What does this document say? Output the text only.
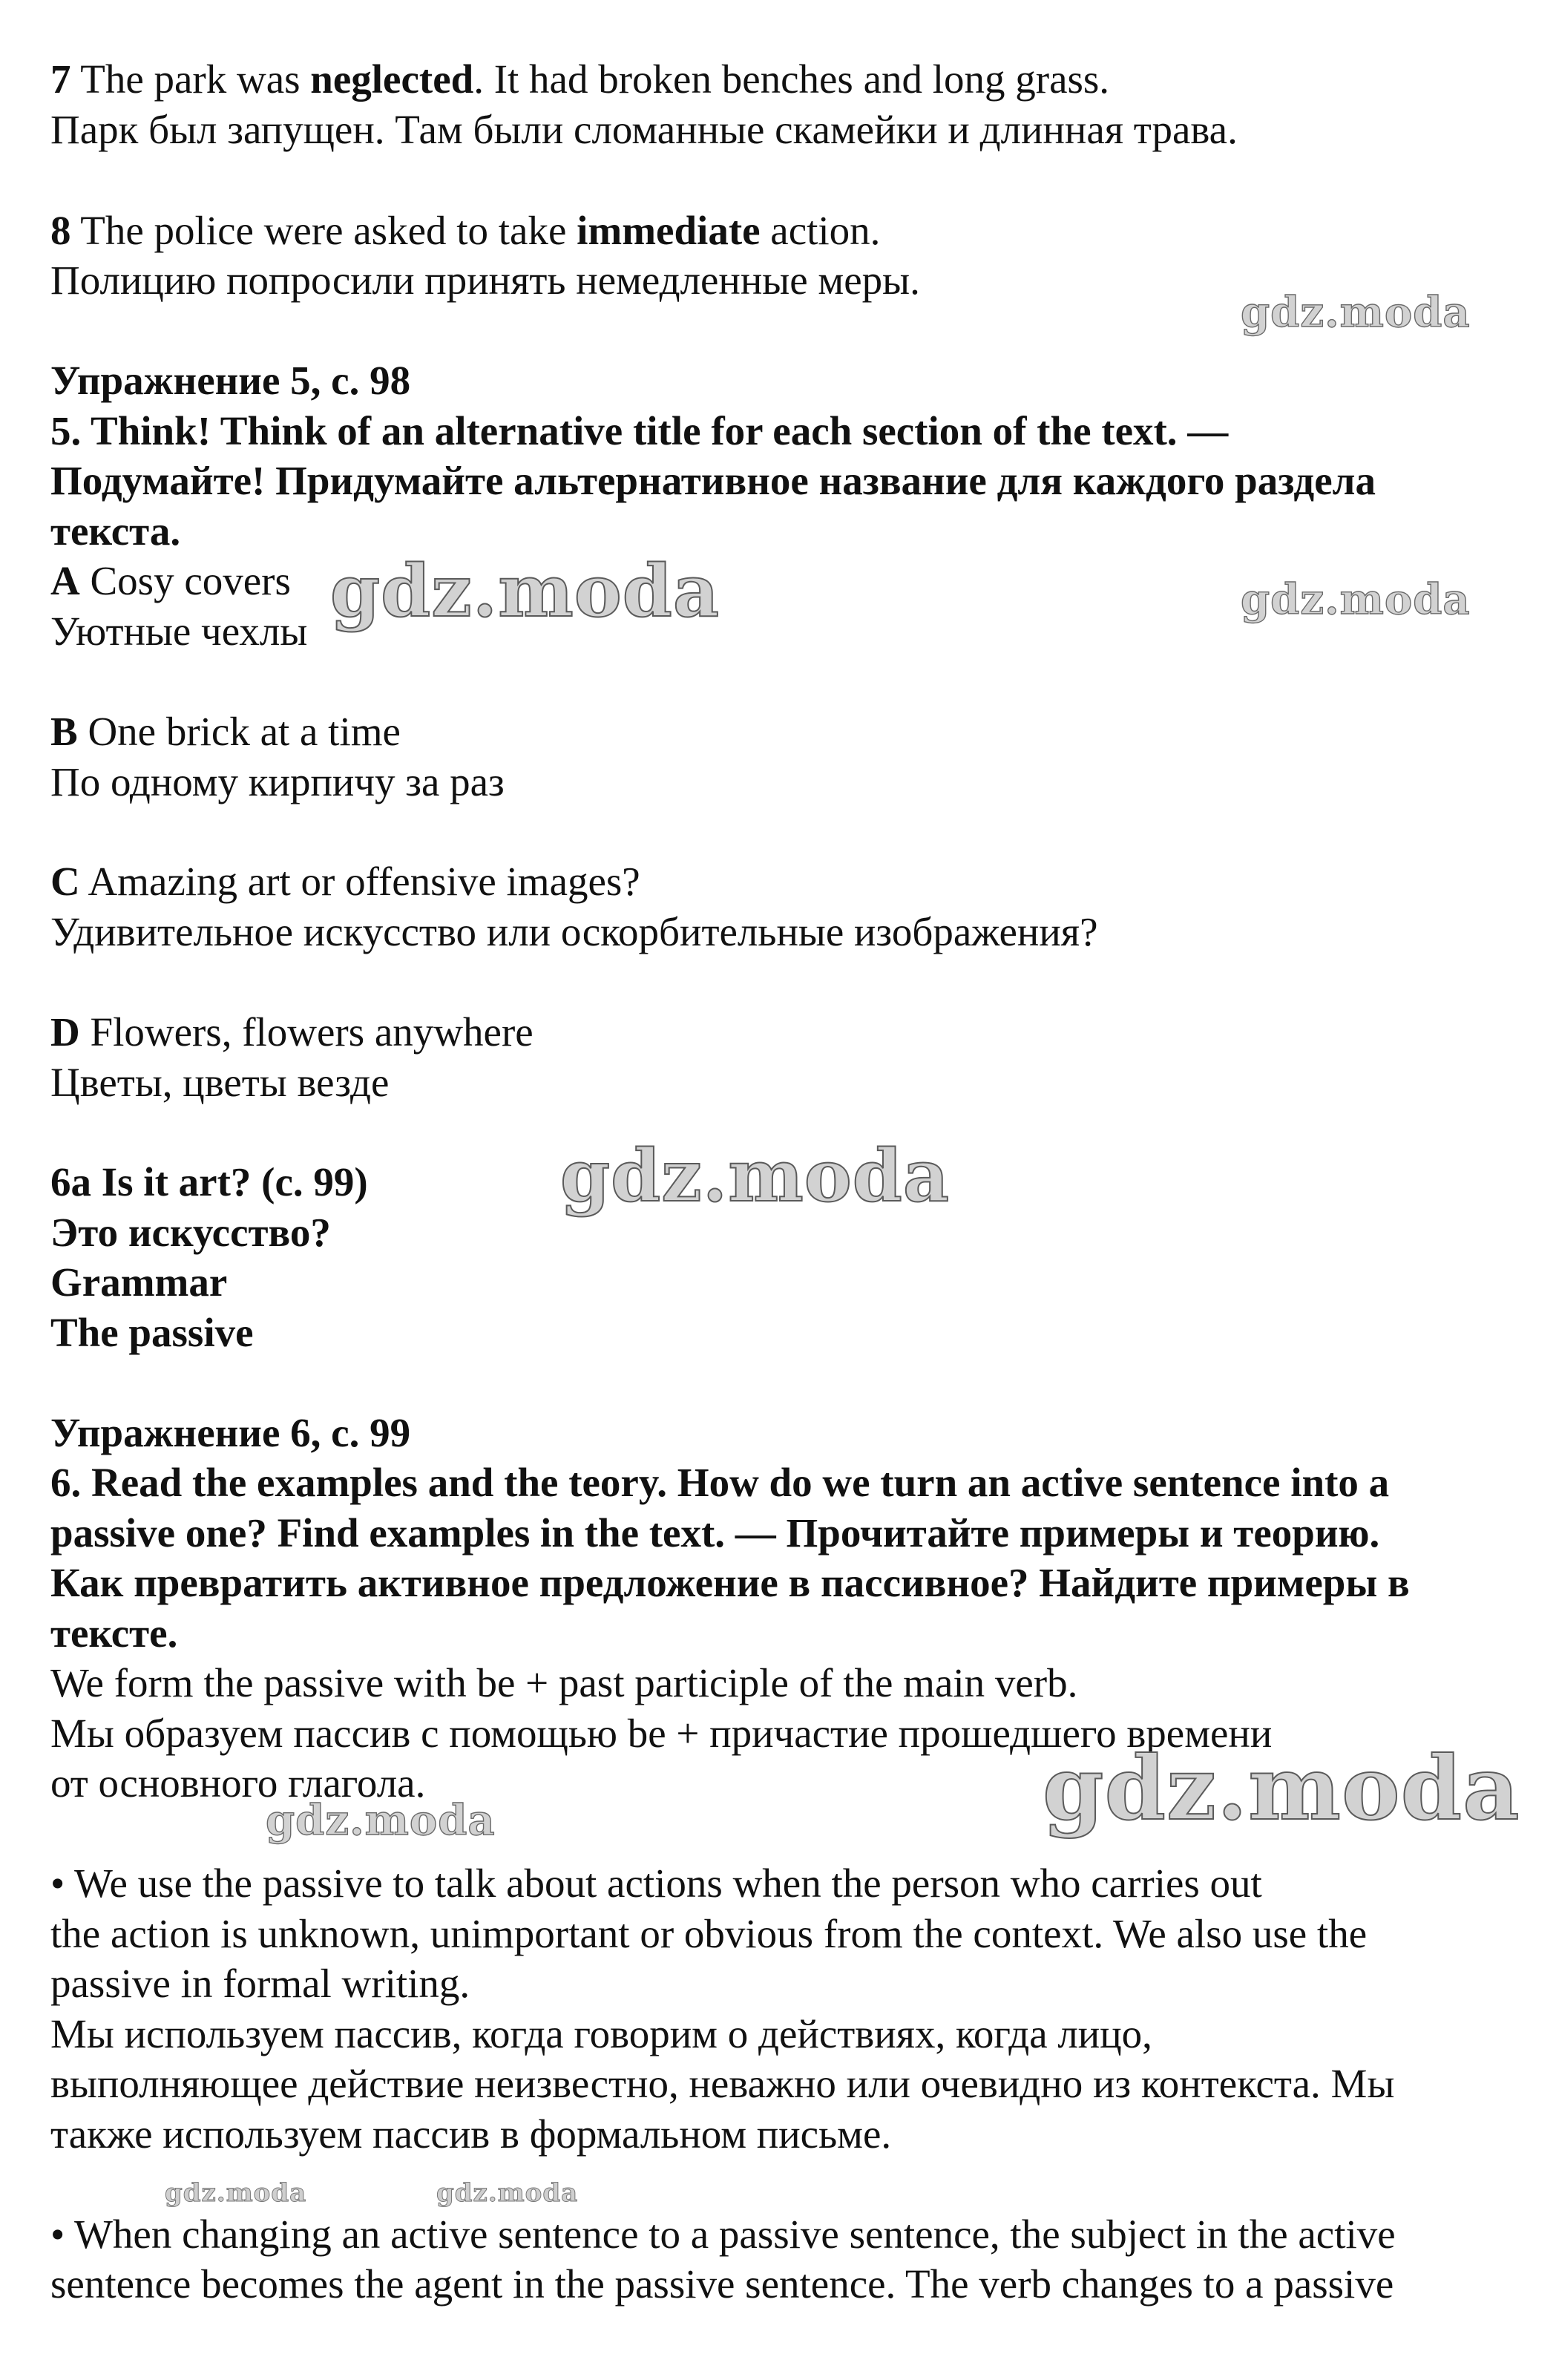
7 The park was neglected. It had broken benches and long grass.
Парк был запущен. Там были сломанные скамейки и длинная трава.
8 The police were asked to take immediate action.
Полицию попросили принять немедленные меры.
Упражнение 5, с. 98
5. Think! Think of an alternative title for each section of the text. —
Подумайте! Придумайте альтернативное название для каждого раздела
текста.
A Cosy covers
Уютные чехлы
B One brick at a time
По одному кирпичу за раз
C Amazing art or offensive images?
Удивительное искусство или оскорбительные изображения?
D Flowers, flowers anywhere
Цветы, цветы везде
6a Is it art? (c. 99)
Это искусство?
Grammar
The passive
Упражнение 6, с. 99
6. Read the examples and the teory. How do we turn an active sentence into a
passive one? Find examples in the text. — Прочитайте примеры и теорию.
Как превратить активное предложение в пассивное? Найдите примеры в
тексте.
We form the passive with be + past participle of the main verb.
Мы образуем пассив с помощью be + причастие прошедшего времени
от основного глагола.
• We use the passive to talk about actions when the person who carries out
the action is unknown, unimportant or obvious from the context. We also use the
passive in formal writing.
Мы используем пассив, когда говорим о действиях, когда лицо,
выполняющее действие неизвестно, неважно или очевидно из контекста. Мы
также используем пассив в формальном письме.
• When changing an active sentence to a passive sentence, the subject in the active
sentence becomes the agent in the passive sentence. The verb changes to a passive
gdz.moda
gdz.moda	gdz.moda
gdz.moda
gdz.moda
gdz.moda
gdz.moda	gdz.moda
